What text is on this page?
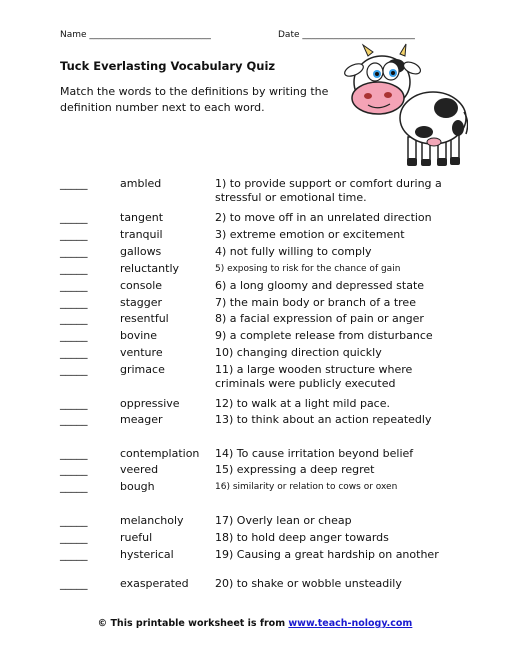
Name ___________________________	Date _________________________
Tuck Everlasting Vocabulary Quiz
Match the words to the definitions by writing the definition number next to each word.
_____	ambled	1) to provide support or comfort during a stressful or emotional time.
_____	tangent	2) to move off in an unrelated direction
_____	tranquil	3) extreme emotion or excitement
_____	gallows	4) not fully willing to comply
_____	reluctantly	5) exposing to risk for the chance of gain
_____	console	6) a long gloomy and depressed state
_____	stagger	7) the main body or branch of a tree
_____	resentful	8) a facial expression of pain or anger
_____	bovine	9) a complete release from disturbance
_____	venture	10) changing direction quickly
_____	grimace	11) a large wooden structure where criminals were publicly executed
_____	oppressive	12) to walk at a light mild pace.
_____	meager	13) to think about an action repeatedly
_____	contemplation 14) To cause irritation beyond belief
_____	veered	15) expressing a deep regret
_____	bough	16) similarity or relation to cows or oxen
_____	melancholy	17) Overly lean or cheap
_____	rueful	18) to hold deep anger towards
_____	hysterical	19) Causing a great hardship on another
_____	exasperated 20) to shake or wobble unsteadily
© This printable worksheet is from www.teach-nology.com
